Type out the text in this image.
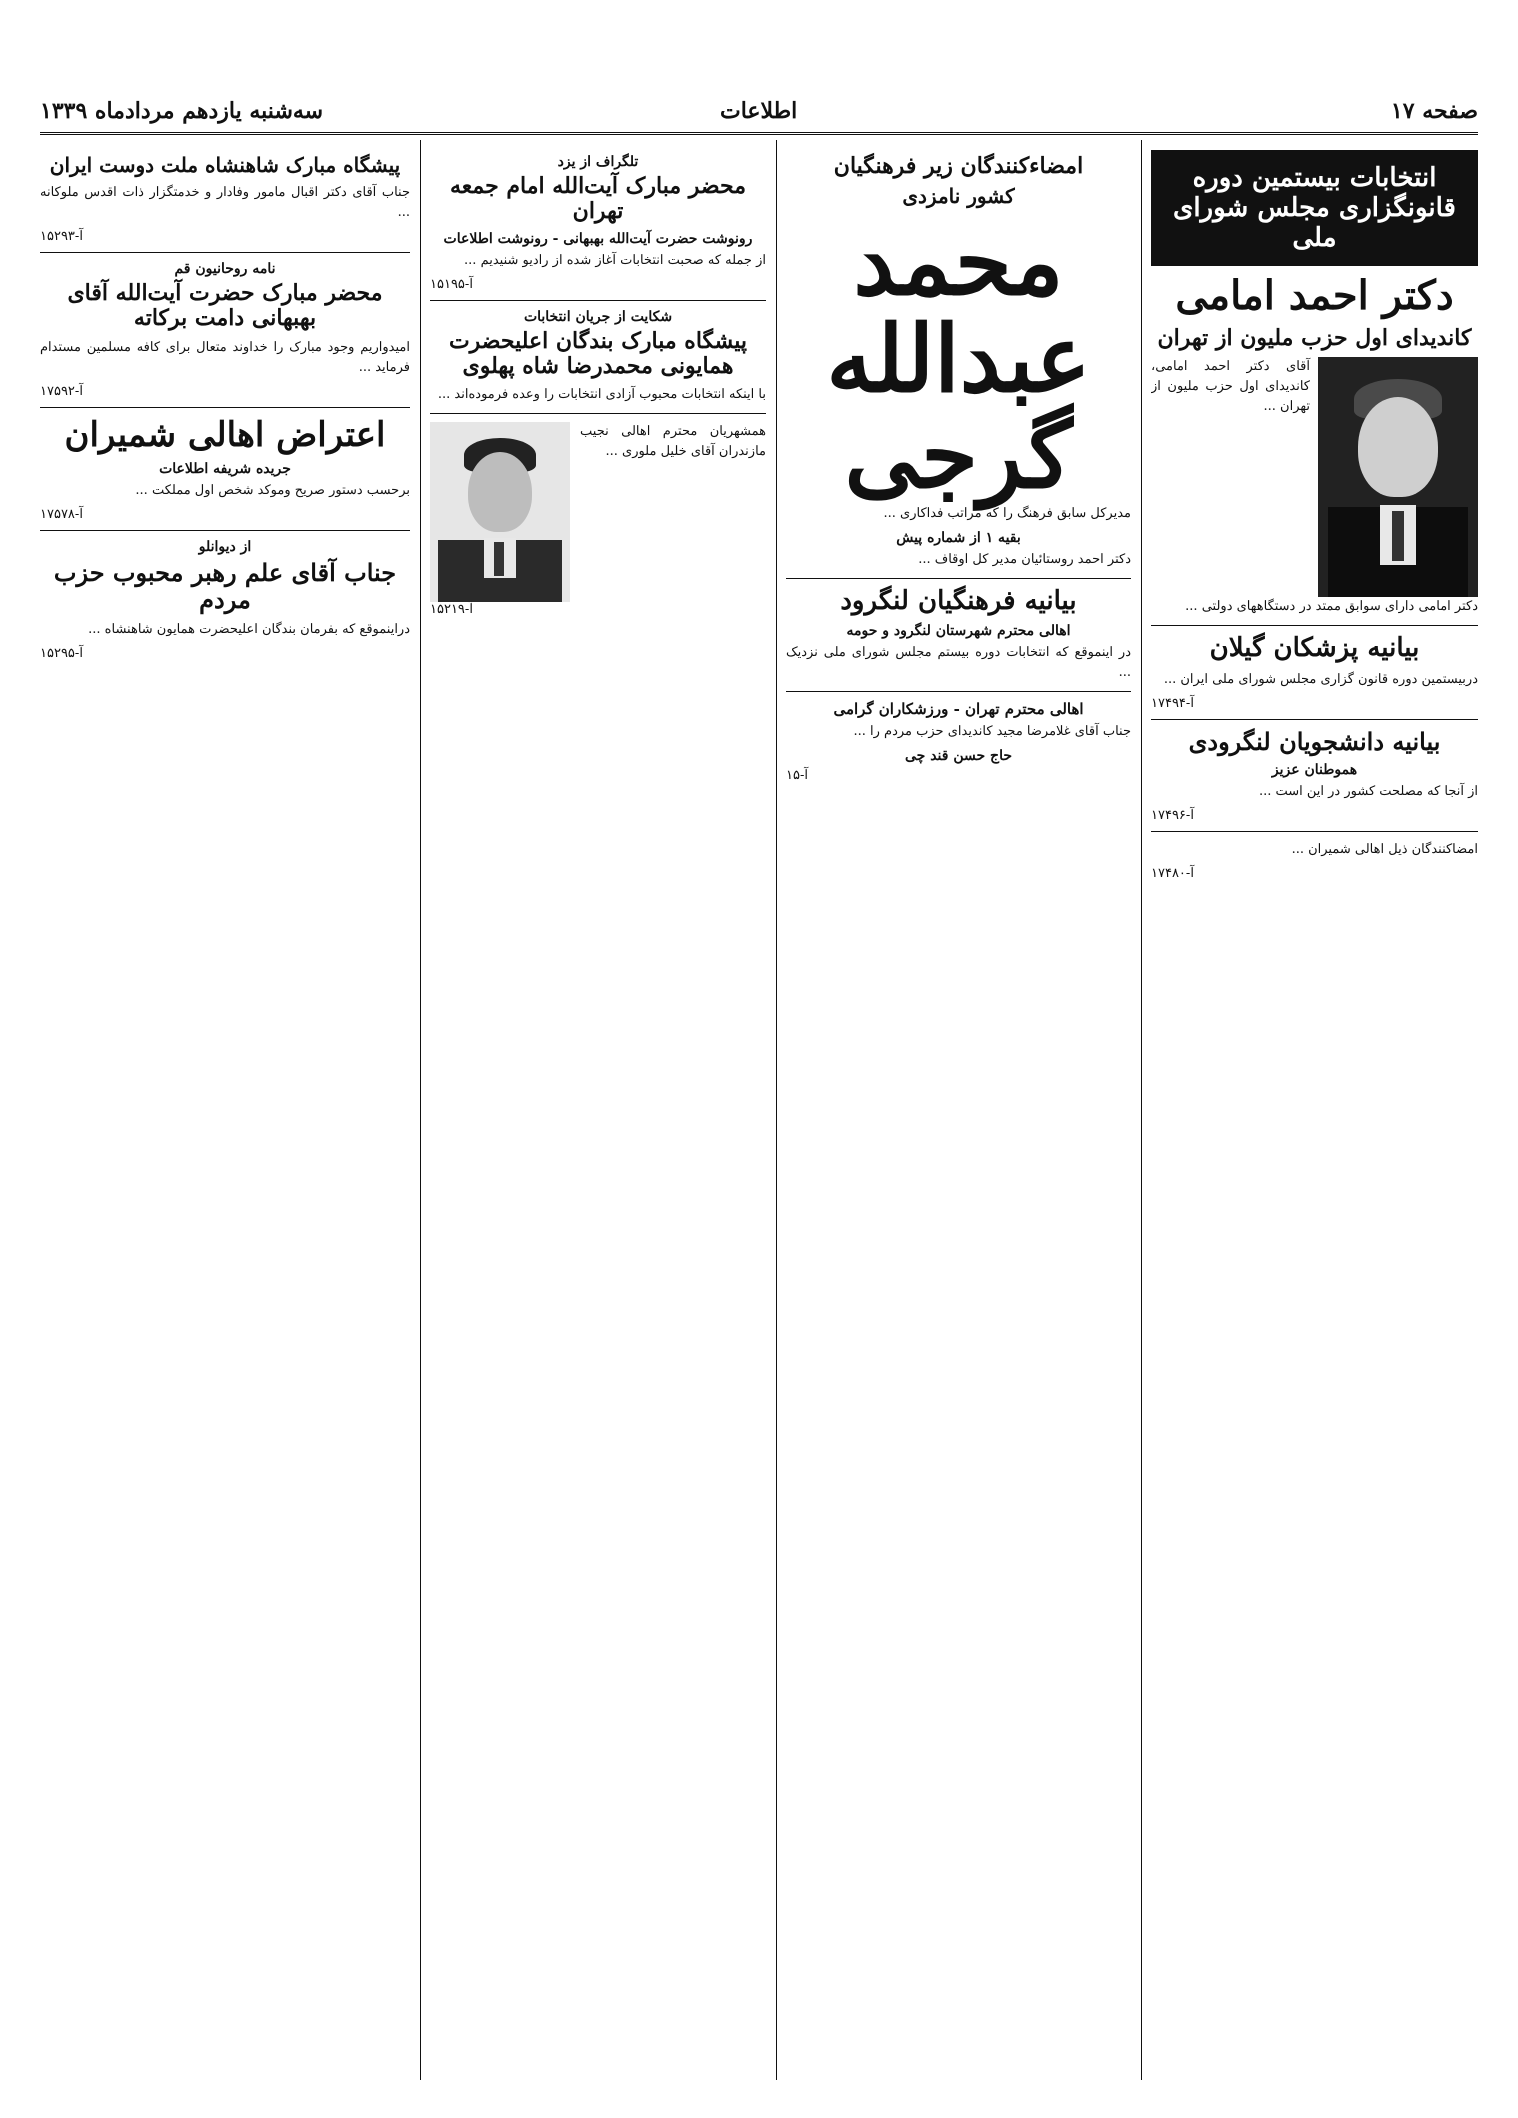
صفحه ۱۷
اطلاعات
سه‌شنبه یازدهم مردادماه ۱۳۳۹
انتخابات بیستمین دوره قانونگزاری مجلس شورای ملی
دکتر احمد امامی
کاندیدای اول حزب ملیون از تهران
آقای دکتر احمد امامی، کاندیدای اول حزب ملیون از تهران ...
دکتر امامی دارای سوابق ممتد در دستگاههای دولتی ...
بیانیه پزشکان گیلان
دربیستمین دوره قانون گزاری مجلس شورای ملی ایران ...
آ-۱۷۴۹۴
بیانیه دانشجویان لنگرودی
هموطنان عزیز
از آنجا که مصلحت کشور در این است ...
آ-۱۷۴۹۶
امضاکنندگان ذیل اهالی شمیران ...
آ-۱۷۴۸۰
امضاءکنندگان زیر فرهنگیان
کشور نامزدی
محمد عبدالله
گرجی
مدیرکل سابق فرهنگ را که مراتب فداکاری ...
بقیه ۱ از شماره پیش
دکتر احمد روستائیان مدیر کل اوقاف ...
بیانیه فرهنگیان لنگرود
اهالی محترم شهرستان لنگرود و حومه
در اینموقع که انتخابات دوره بیستم مجلس شورای ملی نزدیک ...
اهالی محترم تهران - ورزشکاران گرامی
جناب آقای غلامرضا مجید کاندیدای حزب مردم را ...
حاج حسن قند چی
آ-۱۵
تلگراف از یزد
محضر مبارک آیت‌الله امام جمعه تهران
رونوشت حضرت آیت‌الله بهبهانی - رونوشت اطلاعات
از جمله که صحبت انتخابات آغاز شده از رادیو شنیدیم ...
آ-۱۵۱۹۵
شکایت از جریان انتخابات
پیشگاه مبارک بندگان اعلیحضرت همایونی محمدرضا شاه پهلوی
با اینکه انتخابات محبوب آزادی انتخابات را وعده فرموده‌اند ...
همشهریان محترم اهالی نجیب مازندران آقای خلیل ملوری ...
آ-۱۵۲۱۹
پیشگاه مبارک شاهنشاه ملت دوست ایران
جناب آقای دکتر اقبال مامور وفادار و خدمتگزار ذات اقدس ملوکانه ...
آ-۱۵۲۹۳
نامه روحانیون قم
محضر مبارک حضرت آیت‌الله آقای بهبهانی دامت برکاته
امیدواریم وجود مبارک را خداوند متعال برای کافه مسلمین مستدام فرماید ...
آ-۱۷۵۹۲
اعتراض اهالی شمیران
جریده شریفه اطلاعات
برحسب دستور صریح وموکد شخص اول مملکت ...
آ-۱۷۵۷۸
از دیوانلو
جناب آقای علم رهبر محبوب حزب مردم
دراینموقع که بفرمان بندگان اعلیحضرت همایون شاهنشاه ...
آ-۱۵۲۹۵
